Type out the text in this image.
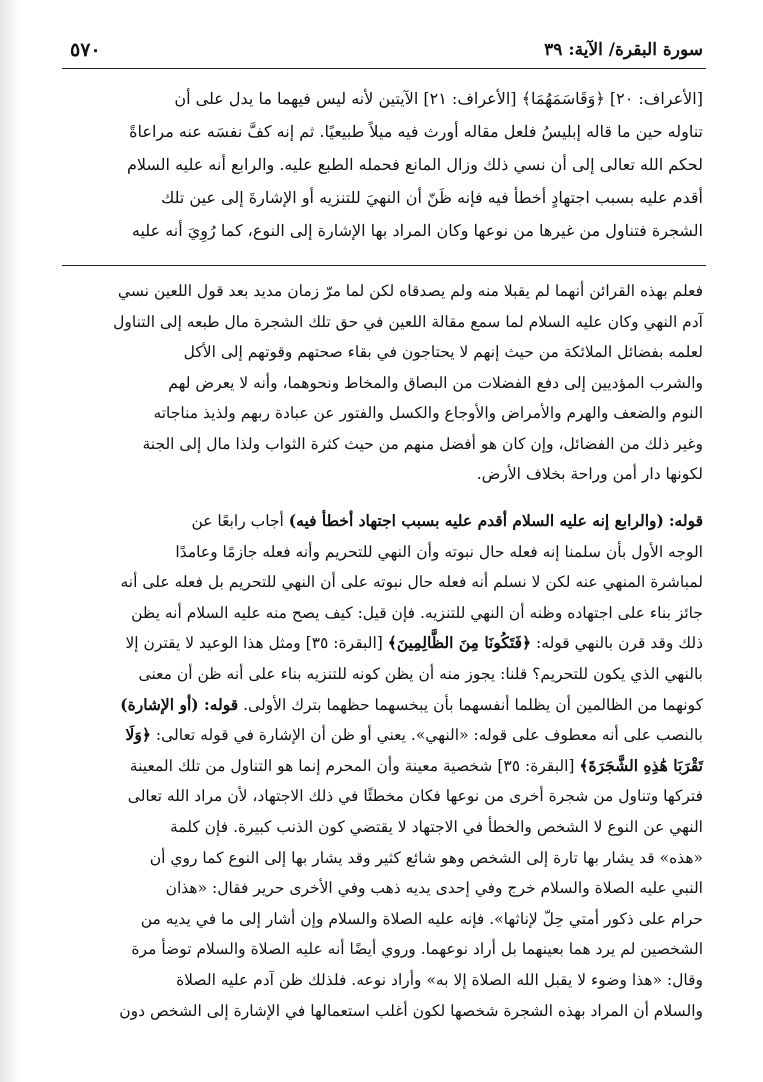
٥٧٠	سورة البقرة/ الآية: ٣٩

[الأعراف: ٢٠] ﴿وَقَاسَمَهُمَا﴾ [الأعراف: ٢١] الآيتين لأنه ليس فيهما ما يدل على أن

تناوله حين ما قاله إبليسُ فلعل مقاله أورث فيه ميلاً طبيعيًا. ثم إنه كفَّ نفسَه عنه مراعاةً

لحكم الله تعالى إلى أن نسي ذلك وزال المانع فحمله الطبع عليه. والرابع أنه عليه السلام

أقدم عليه بسبب اجتهادٍ أخطأ فيه فإنه ظَنّ أن النهيَ للتنزيه أو الإشارةَ إلى عين تلك

الشجرة فتناول من غيرها من نوعها وكان المراد بها الإشارة إلى النوع، كما رُوِيَ أنه عليه

فعلم بهذه القرائن أنهما لم يقبلا منه ولم يصدقاه لكن لما مرّ زمان مديد بعد قول اللعين نسي

آدم النهي وكان عليه السلام لما سمع مقالة اللعين في حق تلك الشجرة مال طبعه إلى التناول

لعلمه بفضائل الملائكة من حيث إنهم لا يحتاجون في بقاء صحتهم وقوتهم إلى الأكل

والشرب المؤديين إلى دفع الفضلات من البصاق والمخاط ونحوهما، وأنه لا يعرض لهم

النوم والضعف والهرم والأمراض والأوجاع والكسل والفتور عن عبادة ربهم ولذيذ مناجاته

وغير ذلك من الفضائل، وإن كان هو أفضل منهم من حيث كثرة الثواب ولذا مال إلى الجنة

لكونها دار أمن وراحة بخلاف الأرض.

قوله: (والرابع إنه عليه السلام أقدم عليه بسبب اجتهاد أخطأ فيه) أجاب رابعًا عن

الوجه الأول بأن سلمنا إنه فعله حال نبوته وأن النهي للتحريم وأنه فعله جازمًا وعامدًا

لمباشرة المنهي عنه لكن لا نسلم أنه فعله حال نبوته على أن النهي للتحريم بل فعله على أنه

جائز بناء على اجتهاده وظنه أن النهي للتنزيه. فإن قيل: كيف يصح منه عليه السلام أنه يظن

ذلك وقد قرن بالنهي قوله: ﴿فَتَكُونَا مِنَ الظَّالِمِينَ﴾ [البقرة: ٣٥] ومثل هذا الوعيد لا يقترن إلا

بالنهي الذي يكون للتحريم؟ قلنا: يجوز منه أن يظن كونه للتنزيه بناء على أنه ظن أن معنى

كونهما من الظالمين أن يظلما أنفسهما بأن يبخسهما حظهما بترك الأولى. قوله: (أو الإشارة)

بالنصب على أنه معطوف على قوله: «النهي». يعني أو ظن أن الإشارة في قوله تعالى: ﴿وَلَا

تَقْرَبَا هَٰذِهِ الشَّجَرَةَ﴾ [البقرة: ٣٥] شخصية معينة وأن المحرم إنما هو التناول من تلك المعينة

فتركها وتناول من شجرة أخرى من نوعها فكان مخطئًا في ذلك الاجتهاد، لأن مراد الله تعالى

النهي عن النوع لا الشخص والخطأ في الاجتهاد لا يقتضي كون الذنب كبيرة. فإن كلمة

«هذه» قد يشار بها تارة إلى الشخص وهو شائع كثير وقد يشار بها إلى النوع كما روي أن

النبي عليه الصلاة والسلام خرج وفي إحدى يديه ذهب وفي الأخرى حرير فقال: «هذان

حرام على ذكور أمتي حِلّ لإناثها». فإنه عليه الصلاة والسلام وإن أشار إلى ما في يديه من

الشخصين لم يرد هما بعينهما بل أراد نوعهما. وروي أيضًا أنه عليه الصلاة والسلام توضأ مرة

وقال: «هذا وضوء لا يقبل الله الصلاة إلا به» وأراد نوعه. فلذلك ظن آدم عليه الصلاة

والسلام أن المراد بهذه الشجرة شخصها لكون أغلب استعمالها في الإشارة إلى الشخص دون
